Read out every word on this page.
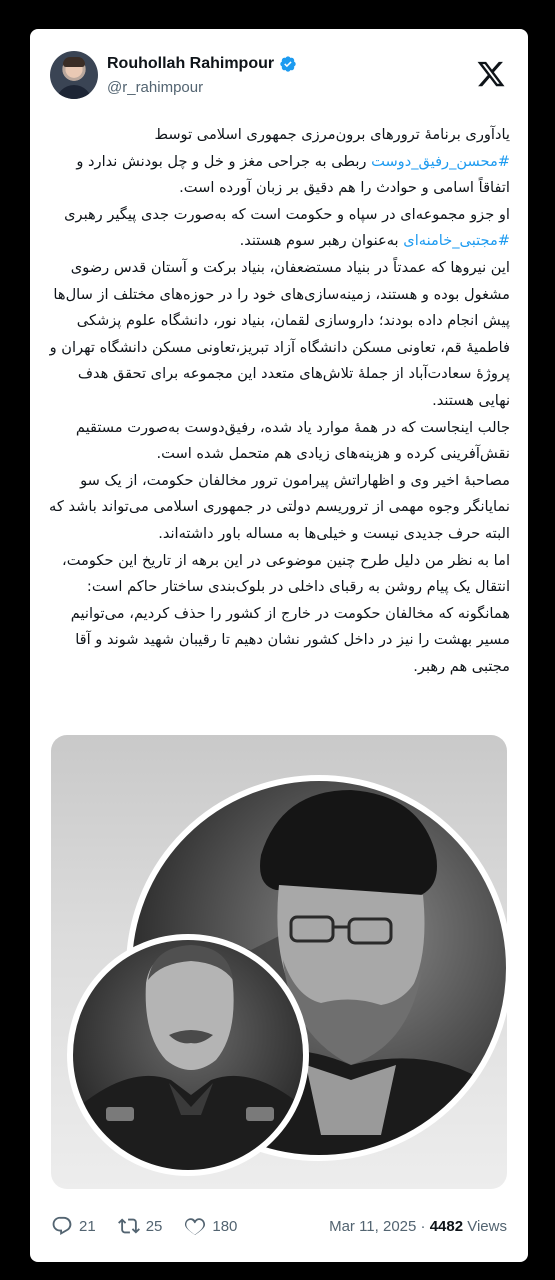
Rouhollah Rahimpour
@r_rahimpour

یادآوری برنامهٔ ترورهای برون‌مرزی جمهوری اسلامی توسط #محسن_رفیق_دوست ربطی به جراحی مغز و خل و چل بودنش ندارد و اتفاقاً اسامی و حوادث را هم دقیق بر زبان آورده است.

او جزو مجموعه‌ای در سپاه و حکومت است که به‌صورت جدی پیگیر رهبری #مجتبی_خامنه‌ای به‌عنوان رهبر سوم هستند.

این نیروها که عمدتاً در بنیاد مستضعفان، بنیاد برکت و آستان قدس رضوی مشغول بوده و هستند، زمینه‌سازی‌های خود را در حوزه‌های مختلف از سال‌ها پیش انجام داده بودند؛ داروسازی لقمان، بنیاد نور، دانشگاه علوم پزشکی فاطمیهٔ قم، تعاونی مسکن دانشگاه آزاد تبریز،تعاونی مسکن دانشگاه تهران و پروژهٔ سعادت‌آباد از جملهٔ تلاش‌های متعدد این مجموعه برای تحقق هدف نهایی هستند.

جالب اینجاست که در همهٔ موارد یاد شده، رفیق‌دوست به‌صورت مستقیم نقش‌آفرینی کرده و هزینه‌های زیادی هم متحمل شده است.

مصاحبهٔ اخیر وی و اظهاراتش پیرامون ترور مخالفان حکومت، از یک سو نمایانگر وجوه مهمی از تروریسم دولتی در جمهوری اسلامی می‌تواند باشد که البته حرف جدیدی نیست و خیلی‌ها به مساله باور داشته‌اند.

اما به نظر من دلیل طرح چنین موضوعی در این برهه از تاریخ این حکومت، انتقال یک پیام روشن به رقبای داخلی در بلوک‌بندی ساختار حاکم است:

همانگونه که مخالفان حکومت در خارج از کشور را حذف کردیم، می‌توانیم مسیر بهشت را نیز در داخل کشور نشان دهیم تا رقیبان شهید شوند و آقا مجتبی هم رهبر.

21	25	180	Mar 11, 2025 · 4482 Views
